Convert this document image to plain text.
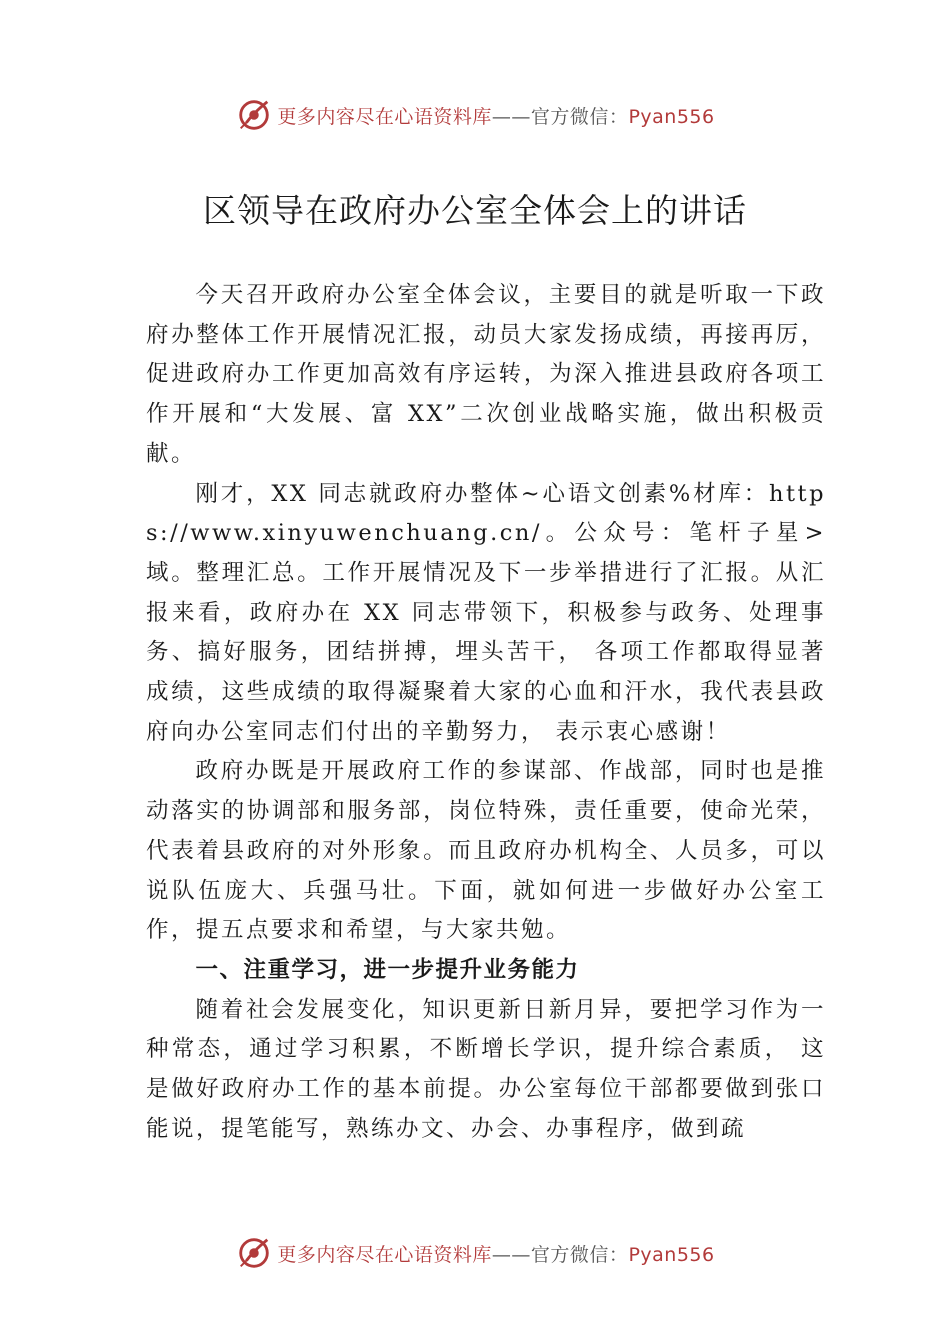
更多内容尽在心语资料库——官方微信：Pyan556
区领导在政府办公室全体会上的讲话

今天召开政府办公室全体会议，主要目的就是听取一下政府办整体工作开展情况汇报，动员大家发扬成绩，再接再厉，促进政府办工作更加高效有序运转，为深入推进县政府各项工作开展和“大发展、富 XX”二次创业战略实施，做出积极贡献。

刚才，XX 同志就政府办整体~心语文创素%材库：https://www.xinyuwenchuang.cn/。公众号：笔杆子星>域。整理汇总。工作开展情况及下一步举措进行了汇报。从汇报来看，政府办在 XX 同志带领下，积极参与政务、处理事务、搞好服务，团结拼搏，埋头苦干， 各项工作都取得显著成绩，这些成绩的取得凝聚着大家的心血和汗水，我代表县政府向办公室同志们付出的辛勤努力， 表示衷心感谢！

政府办既是开展政府工作的参谋部、作战部，同时也是推动落实的协调部和服务部，岗位特殊，责任重要，使命光荣，代表着县政府的对外形象。而且政府办机构全、人员多，可以说队伍庞大、兵强马壮。下面，就如何进一步做好办公室工作，提五点要求和希望，与大家共勉。

一、注重学习，进一步提升业务能力

随着社会发展变化，知识更新日新月异，要把学习作为一种常态，通过学习积累，不断增长学识，提升综合素质， 这是做好政府办工作的基本前提。办公室每位干部都要做到张口能说，提笔能写，熟练办文、办会、办事程序，做到疏

更多内容尽在心语资料库——官方微信：Pyan556
